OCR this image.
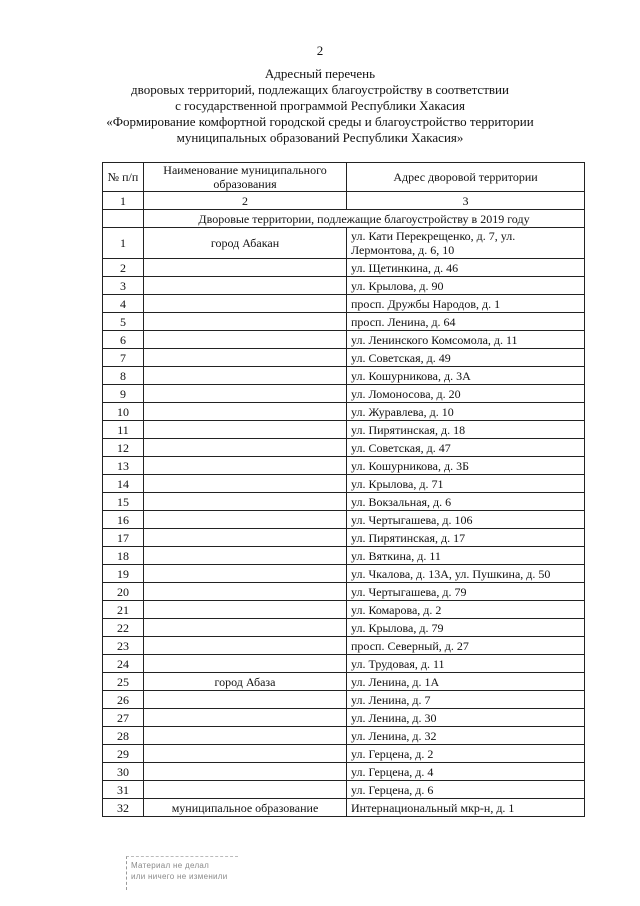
2
Адресный перечень
дворовых территорий, подлежащих благоустройству в соответствии
с государственной программой Республики Хакасия
«Формирование комфортной городской среды и благоустройство территории
муниципальных образований Республики Хакасия»
№ п/п	Наименование муниципального образования	Адрес дворовой территории
1	2	3
	Дворовые территории, подлежащие благоустройству в 2019 году	
1	город Абакан	ул. Кати Перекрещенко, д. 7, ул. Лермонтова, д. 6, 10
2		ул. Щетинкина, д. 46
3		ул. Крылова, д. 90
4		просп. Дружбы Народов, д. 1
5		просп. Ленина, д. 64
6		ул. Ленинского Комсомола, д. 11
7		ул. Советская, д. 49
8		ул. Кошурникова, д. 3А
9		ул. Ломоносова, д. 20
10		ул. Журавлева, д. 10
11		ул. Пирятинская, д. 18
12		ул. Советская, д. 47
13		ул. Кошурникова, д. 3Б
14		ул. Крылова, д. 71
15		ул. Вокзальная, д. 6
16		ул. Чертыгашева, д. 106
17		ул. Пирятинская, д. 17
18		ул. Вяткина, д. 11
19		ул. Чкалова, д. 13А, ул. Пушкина, д. 50
20		ул. Чертыгашева, д. 79
21		ул. Комарова, д. 2
22		ул. Крылова, д. 79
23		просп. Северный, д. 27
24		ул. Трудовая, д. 11
25	город Абаза	ул. Ленина, д. 1А
26		ул. Ленина, д. 7
27		ул. Ленина, д. 30
28		ул. Ленина, д. 32
29		ул. Герцена, д. 2
30		ул. Герцена, д. 4
31		ул. Герцена, д. 6
32	муниципальное образование	Интернациональный мкр-н, д. 1
Материал не делал
или ничего не изменили
